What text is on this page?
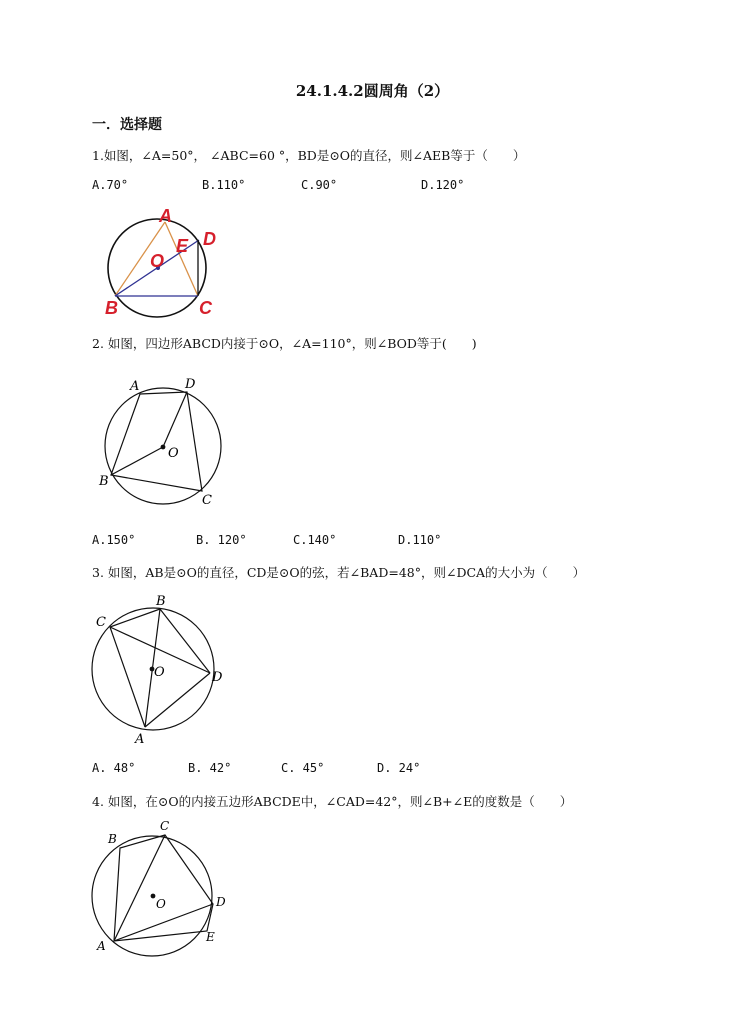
24.1.4.2圆周角（2）
一．选择题
1.如图，∠A=50°， ∠ABC=60 °，BD是⊙O的直径，则∠AEB等于（　　）
A.70°	B.110°	C.90°	D.120°
A
B	C
D
E
O
2. 如图，四边形ABCD内接于⊙O，∠A=110°，则∠BOD等于(　　)
A	D
B
C
O
A.150°	B. 120°	C.140°	D.110°
3. 如图，AB是⊙O的直径，CD是⊙O的弦，若∠BAD=48°，则∠DCA的大小为（　　）
B
C
D
A
O
A. 48°	B. 42°	C. 45°	D. 24°
4. 如图，在⊙O的内接五边形ABCDE中，∠CAD=42°，则∠B+∠E的度数是（　　）
B
C
D
E
A
O
